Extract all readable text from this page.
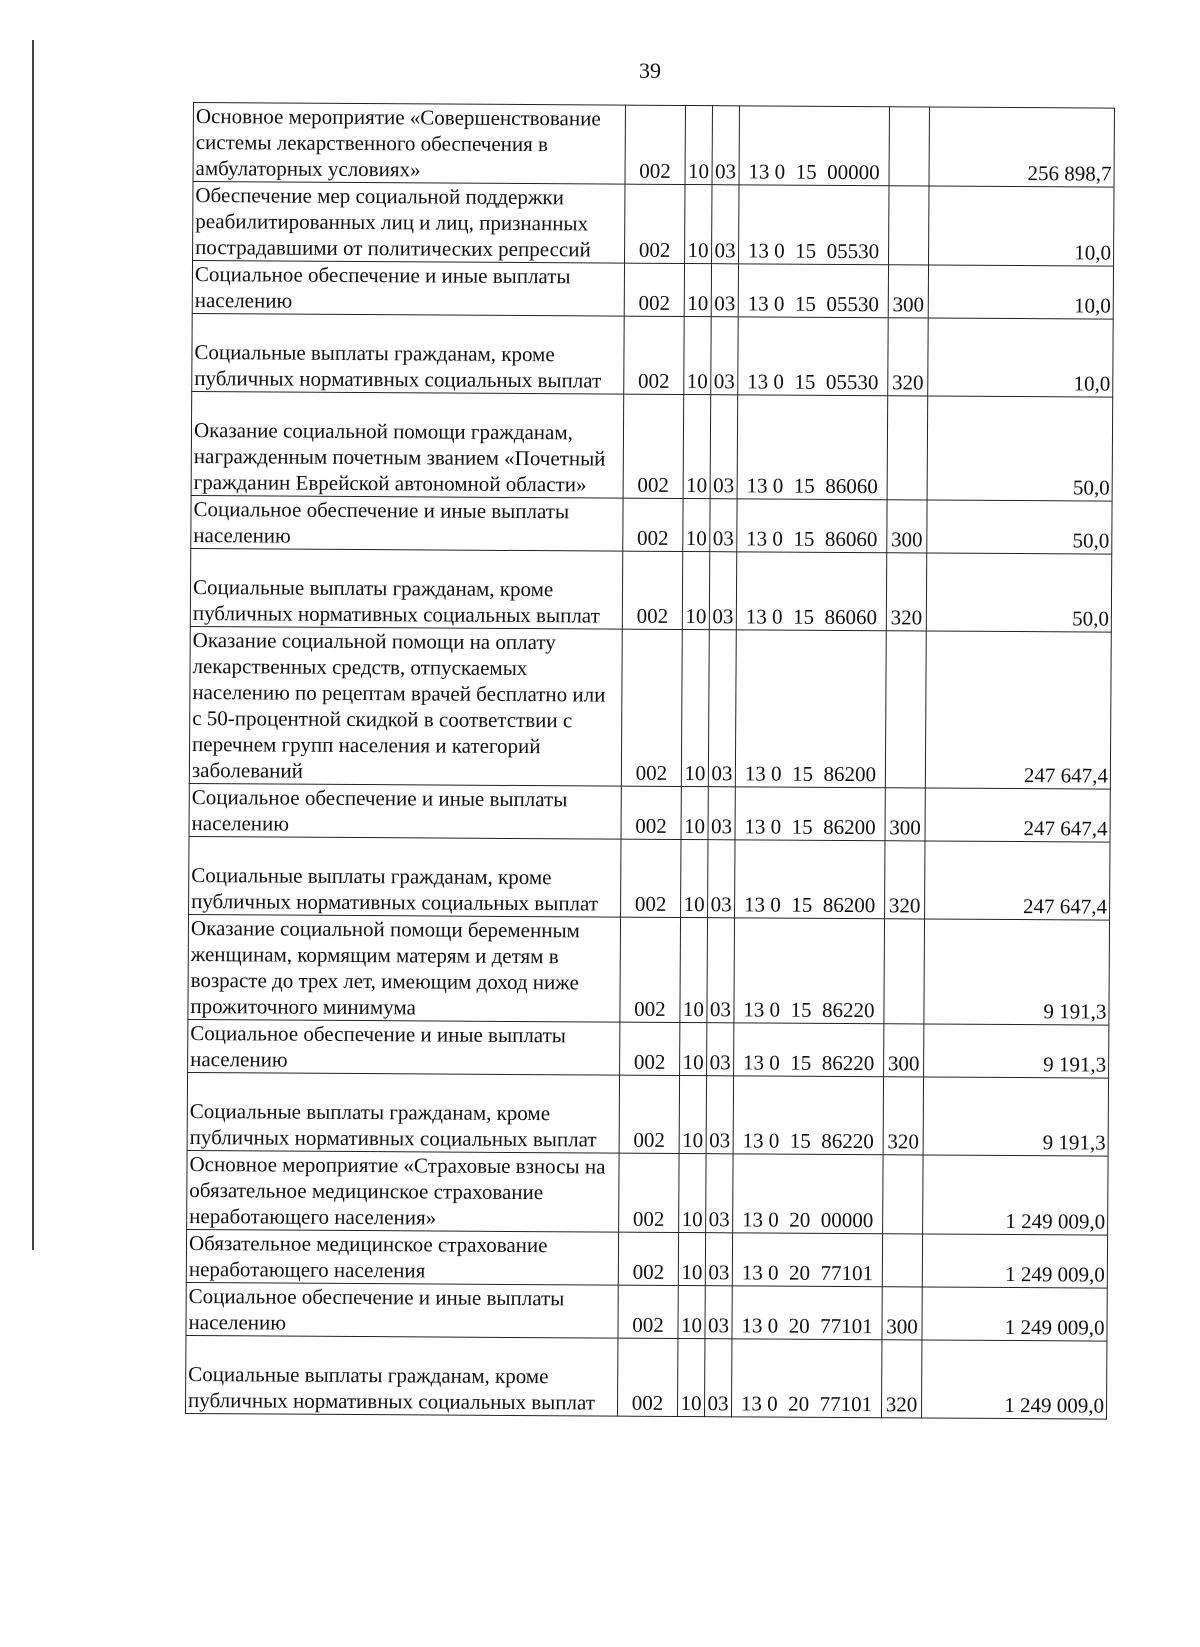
39
Основное мероприятие «Совершенствование системы лекарственного обеспечения в амбулаторных условиях»	002	10	03	13 0  15  00000		256 898,7
Обеспечение мер социальной поддержки реабилитированных лиц и лиц, признанных пострадавшими от политических репрессий	002	10	03	13 0  15  05530		10,0
Социальное обеспечение и иные выплаты населению	002	10	03	13 0  15  05530	300	10,0
Социальные выплаты гражданам, кроме публичных нормативных социальных выплат	002	10	03	13 0  15  05530	320	10,0
Оказание социальной помощи гражданам, награжденным почетным званием «Почетный гражданин Еврейской автономной области»	002	10	03	13 0  15  86060		50,0
Социальное обеспечение и иные выплаты населению	002	10	03	13 0  15  86060	300	50,0
Социальные выплаты гражданам, кроме публичных нормативных социальных выплат	002	10	03	13 0  15  86060	320	50,0
Оказание социальной помощи на оплату лекарственных средств, отпускаемых населению по рецептам врачей бесплатно или с 50-процентной скидкой в соответствии с перечнем групп населения и категорий заболеваний	002	10	03	13 0  15  86200		247 647,4
Социальное обеспечение и иные выплаты населению	002	10	03	13 0  15  86200	300	247 647,4
Социальные выплаты гражданам, кроме публичных нормативных социальных выплат	002	10	03	13 0  15  86200	320	247 647,4
Оказание социальной помощи беременным женщинам, кормящим матерям и детям в возрасте до трех лет, имеющим доход ниже прожиточного минимума	002	10	03	13 0  15  86220		9 191,3
Социальное обеспечение и иные выплаты населению	002	10	03	13 0  15  86220	300	9 191,3
Социальные выплаты гражданам, кроме публичных нормативных социальных выплат	002	10	03	13 0  15  86220	320	9 191,3
Основное мероприятие «Страховые взносы на обязательное медицинское страхование неработающего населения»	002	10	03	13 0  20  00000		1 249 009,0
Обязательное медицинское страхование неработающего населения	002	10	03	13 0  20  77101		1 249 009,0
Социальное обеспечение и иные выплаты населению	002	10	03	13 0  20  77101	300	1 249 009,0
Социальные выплаты гражданам, кроме публичных нормативных социальных выплат	002	10	03	13 0  20  77101	320	1 249 009,0
